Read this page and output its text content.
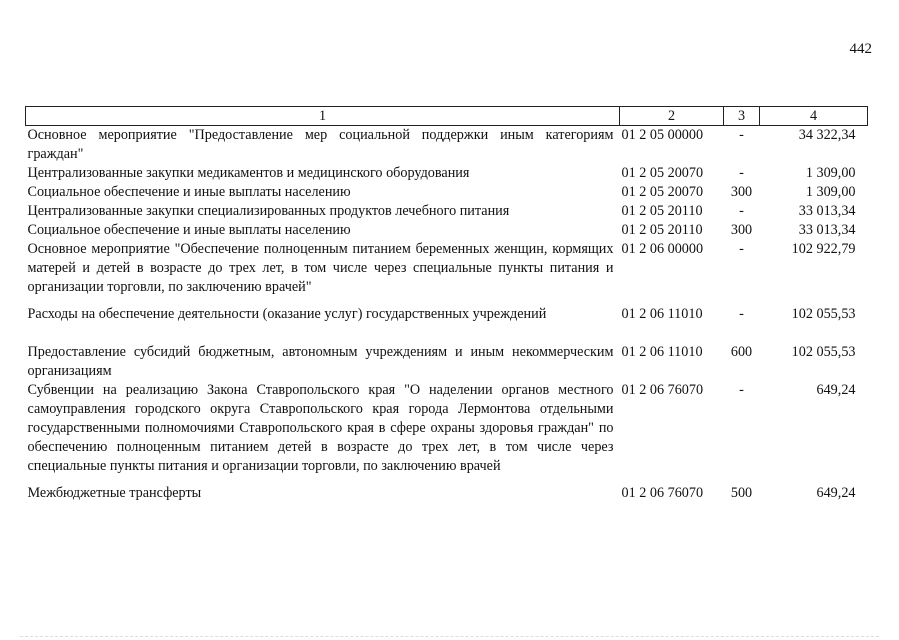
442
1	2	3	4
Основное мероприятие "Предоставление мер социальной поддержки иным категориям граждан"	01 2 05 00000	-	34 322,34
Централизованные закупки медикаментов и медицинского оборудования	01 2 05 20070	-	1 309,00
Социальное обеспечение и иные выплаты населению	01 2 05 20070	300	1 309,00
Централизованные закупки специализированных продуктов лечебного питания	01 2 05 20110	-	33 013,34
Социальное обеспечение и иные выплаты населению	01 2 05 20110	300	33 013,34
Основное мероприятие "Обеспечение полноценным питанием беременных женщин, кормящих матерей и детей в возрасте до трех лет, в том числе через специальные пункты питания и организации торговли, по заключению врачей"	01 2 06 00000	-	102 922,79
Расходы на обеспечение деятельности (оказание услуг) государственных учреждений	01 2 06 11010	-	102 055,53
Предоставление субсидий бюджетным, автономным учреждениям и иным некоммерческим организациям	01 2 06 11010	600	102 055,53
Субвенции на реализацию Закона Ставропольского края "О наделении органов местного самоуправления городского округа Ставропольского края города Лермонтова отдельными государственными полномочиями Ставропольского края в сфере охраны здоровья граждан" по обеспечению полноценным питанием детей в возрасте до трех лет, в том числе через специальные пункты питания и организации торговли, по заключению врачей	01 2 06 76070	-	649,24
Межбюджетные трансферты	01 2 06 76070	500	649,24
